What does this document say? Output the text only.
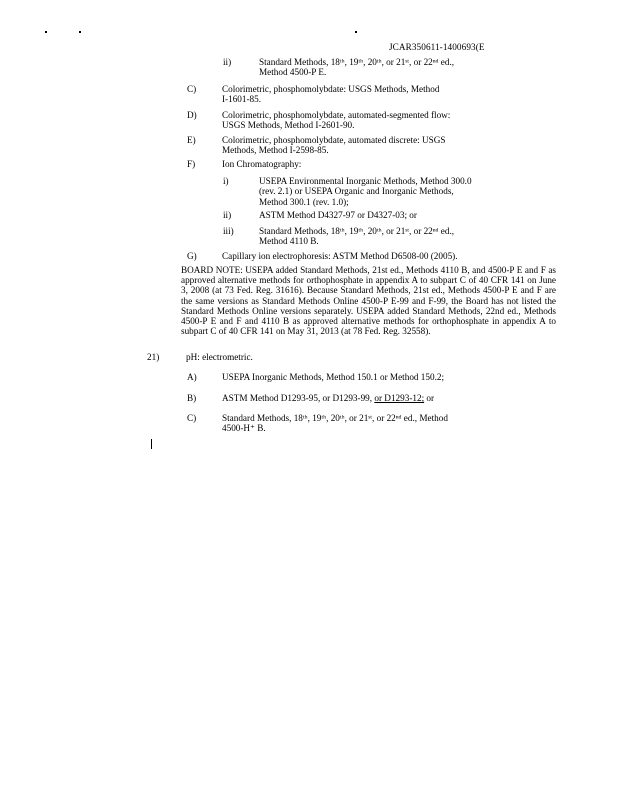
JCAR350611-1400693(E
ii)	Standard Methods, 18ᵗʰ, 19ᵗʰ, 20ᵗʰ, or 21ˢᵗ, or 22ⁿᵈ ed.,
Method 4500-P E.
C)	Colorimetric, phosphomolybdate: USGS Methods, Method
I-1601-85.
D)	Colorimetric, phosphomolybdate, automated-segmented flow:
USGS Methods, Method I-2601-90.
E)	Colorimetric, phosphomolybdate, automated discrete: USGS
Methods, Method I-2598-85.
F)	Ion Chromatography:
i)	USEPA Environmental Inorganic Methods, Method 300.0
(rev. 2.1) or USEPA Organic and Inorganic Methods,
Method 300.1 (rev. 1.0);
ii)	ASTM Method D4327-97 or D4327-03; or
iii)	Standard Methods, 18ᵗʰ, 19ᵗʰ, 20ᵗʰ, or 21ˢᵗ, or 22ⁿᵈ ed.,
Method 4110 B.
G)	Capillary ion electrophoresis: ASTM Method D6508-00 (2005).
BOARD NOTE: USEPA added Standard Methods, 21st ed., Methods 4110 B, and 4500-P E and F as approved alternative methods for orthophosphate in appendix A to subpart C of 40 CFR 141 on June 3, 2008 (at 73 Fed. Reg. 31616). Because Standard Methods, 21st ed., Methods 4500-P E and F are the same versions as Standard Methods Online 4500-P E-99 and F-99, the Board has not listed the Standard Methods Online versions separately. USEPA added Standard Methods, 22nd ed., Methods 4500-P E and F and 4110 B as approved alternative methods for orthophosphate in appendix A to subpart C of 40 CFR 141 on May 31, 2013 (at 78 Fed. Reg. 32558).
21)	pH: electrometric.
A)	USEPA Inorganic Methods, Method 150.1 or Method 150.2;
B)	ASTM Method D1293-95, or D1293-99, or D1293-12; or
C)	Standard Methods, 18ᵗʰ, 19ᵗʰ, 20ᵗʰ, or 21ˢᵗ, or 22ⁿᵈ ed., Method
4500-H⁺ B.
